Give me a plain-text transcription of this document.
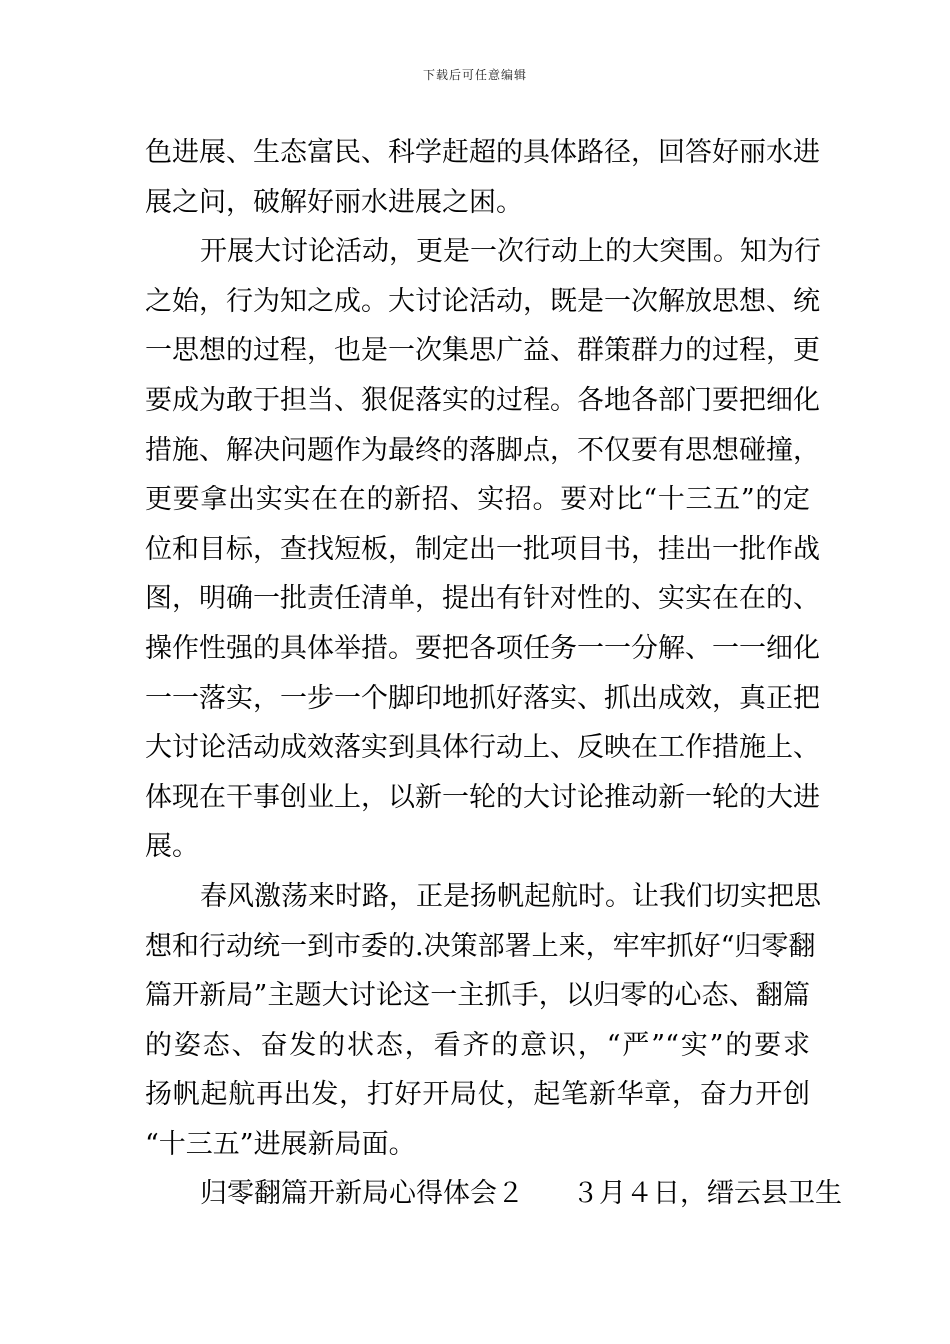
下载后可任意编辑
色进展、生态富民、科学赶超的具体路径，回答好丽水进
展之问，破解好丽水进展之困。
开展大讨论活动，更是一次行动上的大突围。知为行
之始，行为知之成。大讨论活动，既是一次解放思想、统
一思想的过程，也是一次集思广益、群策群力的过程，更
要成为敢于担当、狠促落实的过程。各地各部门要把细化
措施、解决问题作为最终的落脚点，不仅要有思想碰撞，
更要拿出实实在在的新招、实招。要对比“十三五”的定
位和目标，查找短板，制定出一批项目书，挂出一批作战
图，明确一批责任清单，提出有针对性的、实实在在的、
操作性强的具体举措。要把各项任务一一分解、一一细化
一一落实，一步一个脚印地抓好落实、抓出成效，真正把
大讨论活动成效落实到具体行动上、反映在工作措施上、
体现在干事创业上，以新一轮的大讨论推动新一轮的大进
展。
春风激荡来时路，正是扬帆起航时。让我们切实把思
想和行动统一到市委的.决策部署上来，牢牢抓好“归零翻
篇开新局”主题大讨论这一主抓手，以归零的心态、翻篇
的姿态、奋发的状态，看齐的意识，“严”“实”的要求
扬帆起航再出发，打好开局仗，起笔新华章，奋力开创
“十三五”进展新局面。
归零翻篇开新局心得体会２ ３月４日，缙云县卫生
